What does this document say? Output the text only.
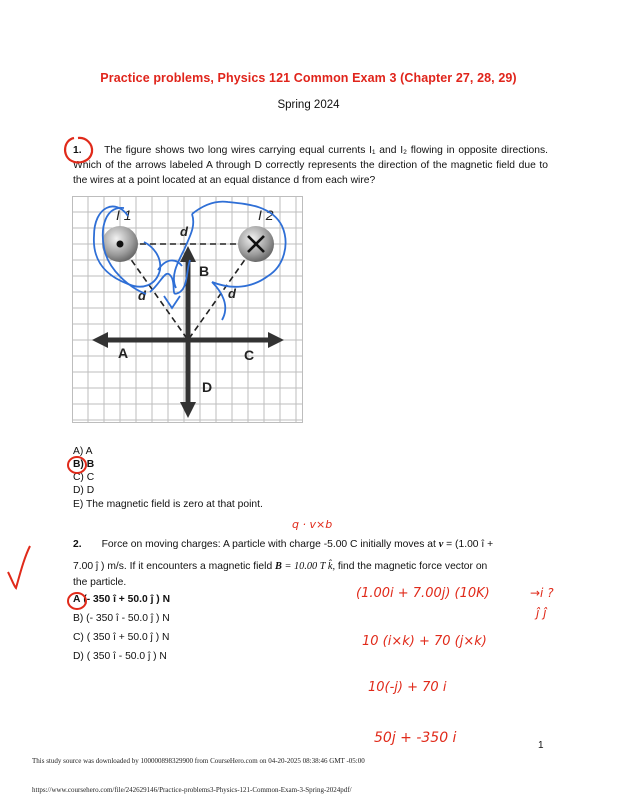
Practice problems, Physics 121 Common Exam 3 (Chapter 27, 28, 29)
Spring 2024
1. The figure shows two long wires carrying equal currents I₁ and I₂ flowing in opposite directions. Which of the arrows labeled A through D correctly represents the direction of the magnetic field due to the wires at a point located at an equal distance d from each wire?
I 1	I 2
d
d	d
B
A	C
D
A) A
B) B
C) C
D) D
E) The magnetic field is zero at that point.
q · v×b
2. Force on moving charges: A particle with charge -5.00 C initially moves at v = (1.00 î +
7.00 ĵ ) m/s. If it encounters a magnetic field B = 10.00 T k̂, find the magnetic force vector on
the particle.
A (- 350 î + 50.0 ĵ ) N
B) (- 350 î - 50.0 ĵ ) N
C) ( 350 î + 50.0 ĵ ) N
D) ( 350 î - 50.0 ĵ ) N
(1.00i + 7.00j) (10K)	→i ?
ĵ ĵ
10 (i×k) + 70 (j×k)
10(-j) + 70 i
50j + -350 i	1
This study source was downloaded by 100000898329900 from CourseHero.com on 04-20-2025 08:38:46 GMT -05:00
https://www.coursehero.com/file/242629146/Practice-problems3-Physics-121-Common-Exam-3-Spring-2024pdf/
